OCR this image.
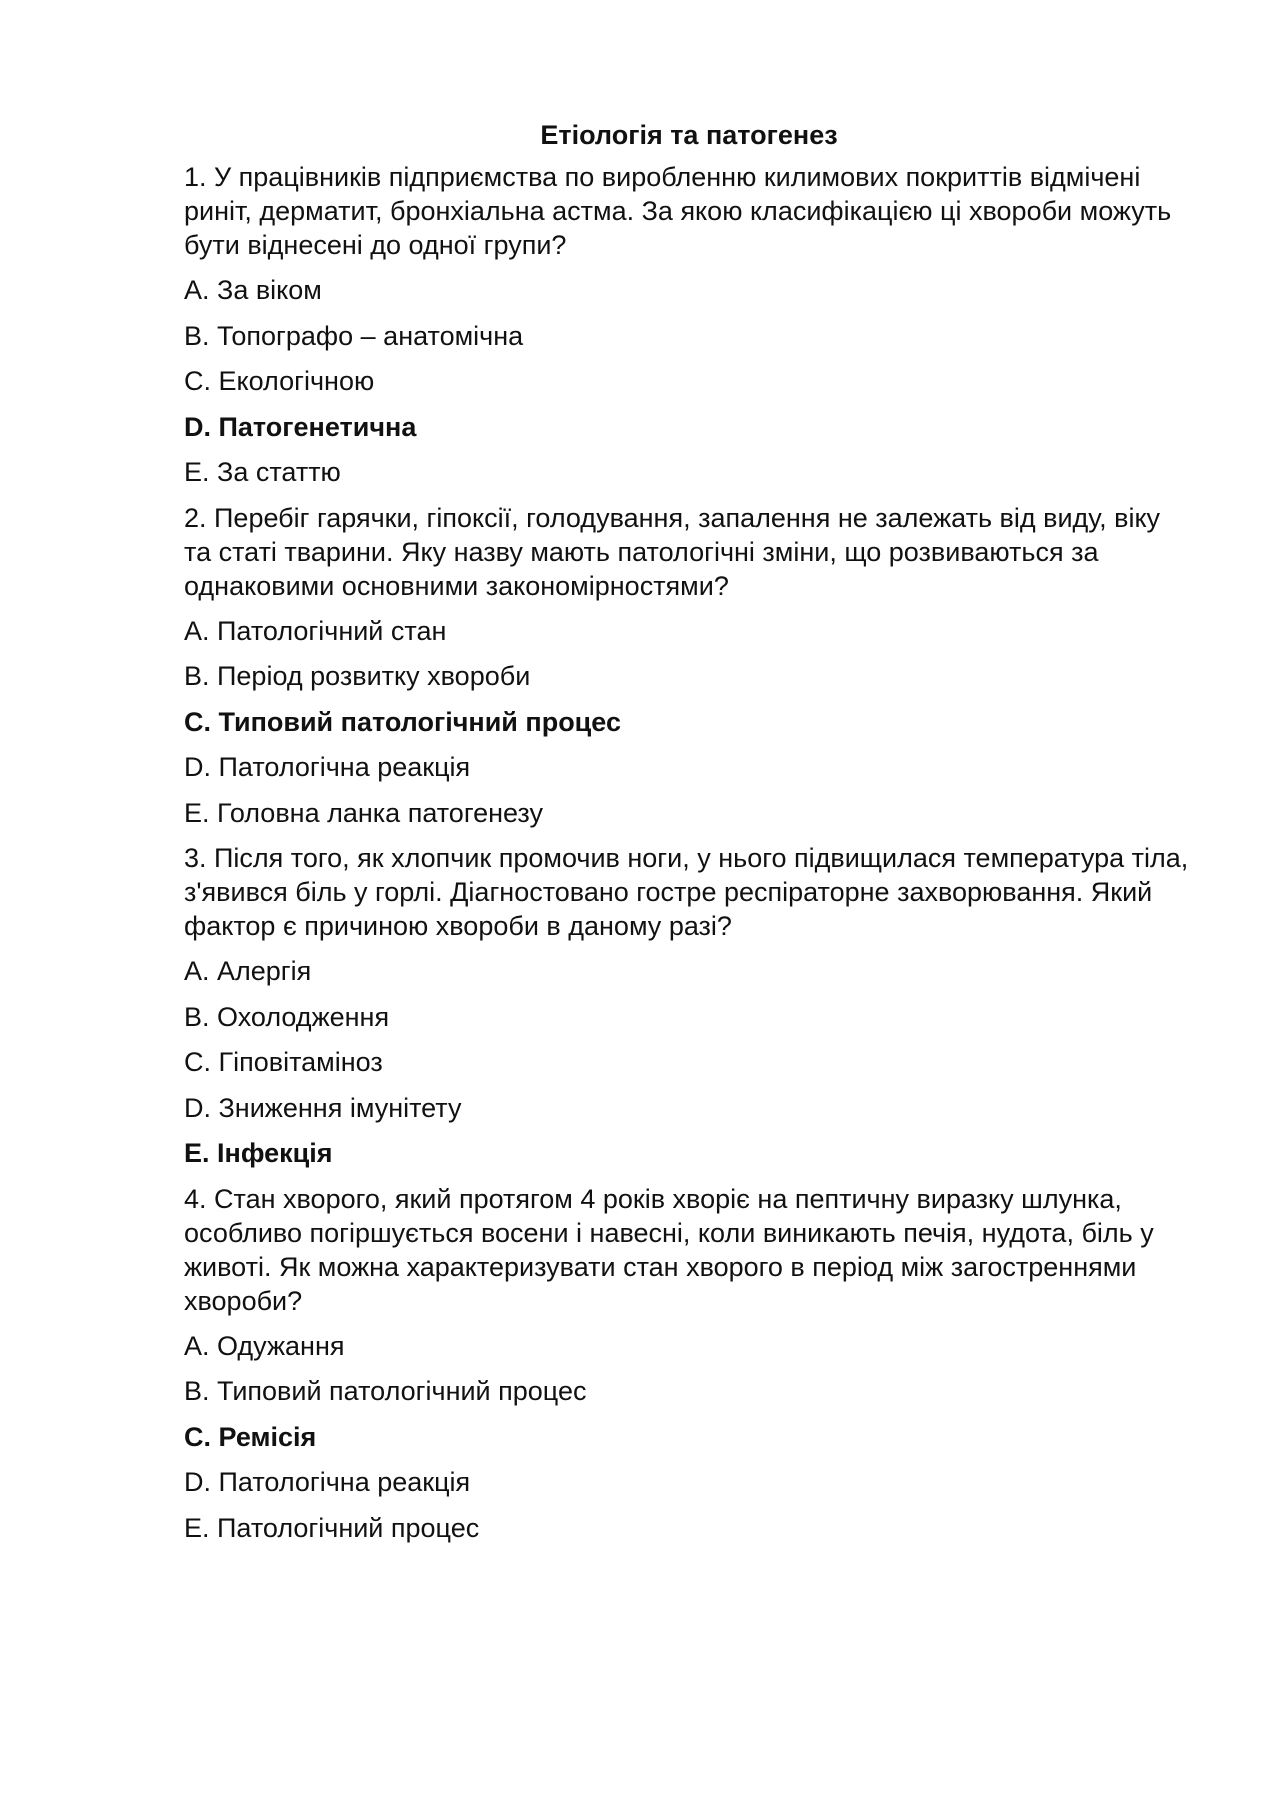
Етіологія та патогенез

1. У працівників підприємства по виробленню килимових покриттів відмічені риніт, дерматит, бронхіальна астма. За якою класифікацією ці хвороби можуть бути віднесені до одної групи?

A. За віком
B. Топографо – анатомічна
C. Екологічною
D. Патогенетична
E. За статтю

2. Перебіг гарячки, гіпоксії, голодування, запалення не залежать від виду, віку та статі тварини. Яку назву мають патологічні зміни, що розвиваються за однаковими основними закономірностями?

A. Патологічний стан
B. Період розвитку хвороби
C. Типовий патологічний процес
D. Патологічна реакція
E. Головна ланка патогенезу

3. Після того, як хлопчик промочив ноги, у нього підвищилася температура тіла, з'явився біль у горлі. Діагностовано гостре респіраторне захворювання. Який фактор є причиною хвороби в даному разі?

A. Алергія
B. Охолодження
C. Гіповітаміноз
D. Зниження імунітету
E. Інфекція

4. Стан хворого, який протягом 4 років хворіє на пептичну виразку шлунка, особливо погіршується восени і навесні, коли виникають печія, нудота, біль у животі. Як можна характеризувати стан хворого в період між загостреннями хвороби?

A. Одужання
B. Типовий патологічний процес
C. Ремісія
D. Патологічна реакція
E. Патологічний процес
